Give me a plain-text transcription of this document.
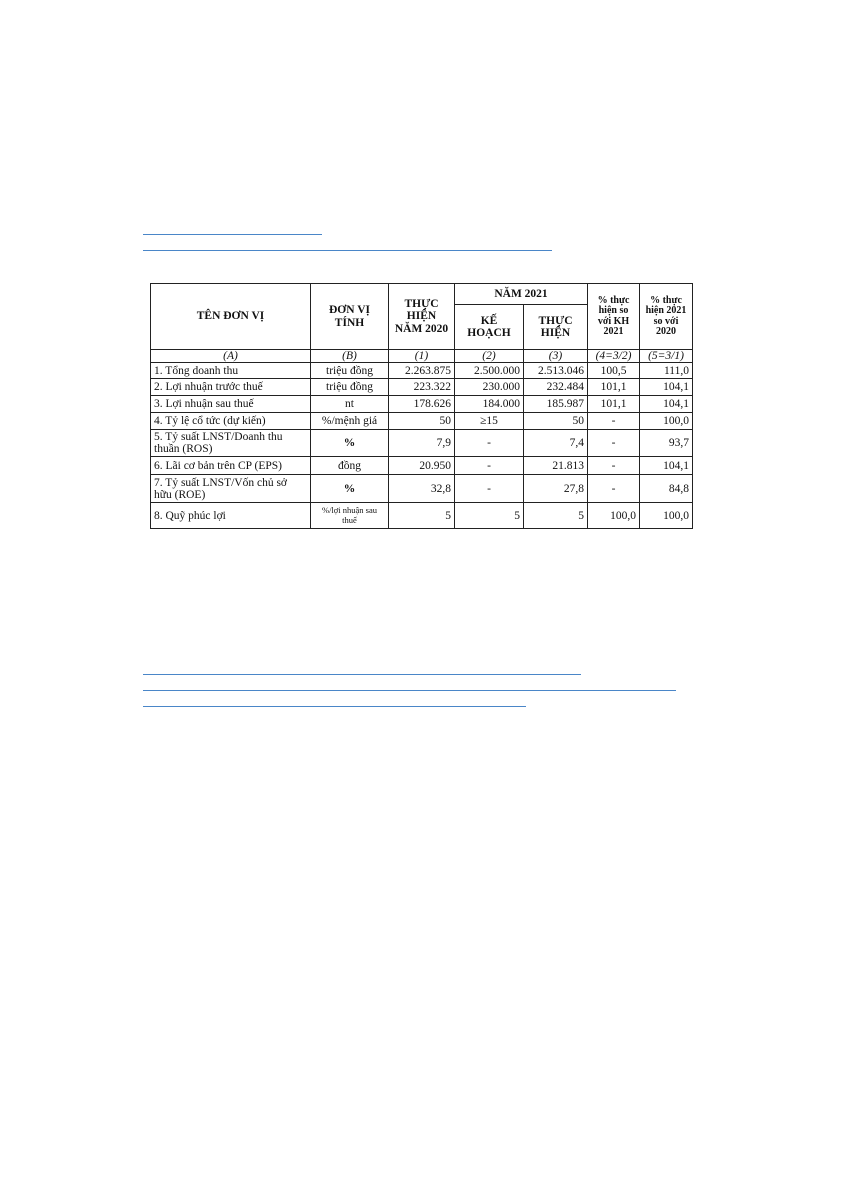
TÊN ĐƠN VỊ	ĐƠN VỊ TÍNH	THỰC HIỆN NĂM 2020	NĂM 2021		% thực hiện so với KH 2021	% thực hiện 2021 so với 2020
			KẾ HOẠCH	THỰC HIỆN		
(A)	(B)	(1)	(2)	(3)	(4=3/2)	(5=3/1)
1. Tổng doanh thu	triệu đồng	2.263.875	2.500.000	2.513.046	100,5	111,0
2. Lợi nhuận trước thuế	triệu đồng	223.322	230.000	232.484	101,1	104,1
3. Lợi nhuận sau thuế	nt	178.626	184.000	185.987	101,1	104,1
4. Tỷ lệ cổ tức (dự kiến)	%/mệnh giá	50	≥15	50	-	100,0
5. Tỷ suất LNST/Doanh thu thuần (ROS)	%	7,9	-	7,4	-	93,7
6. Lãi cơ bản trên CP (EPS)	đồng	20.950	-	21.813	-	104,1
7. Tỷ suất LNST/Vốn chủ sở hữu (ROE)	%	32,8	-	27,8	-	84,8
8. Quỹ phúc lợi	%/lợi nhuận sau thuế	5	5	5	100,0	100,0
